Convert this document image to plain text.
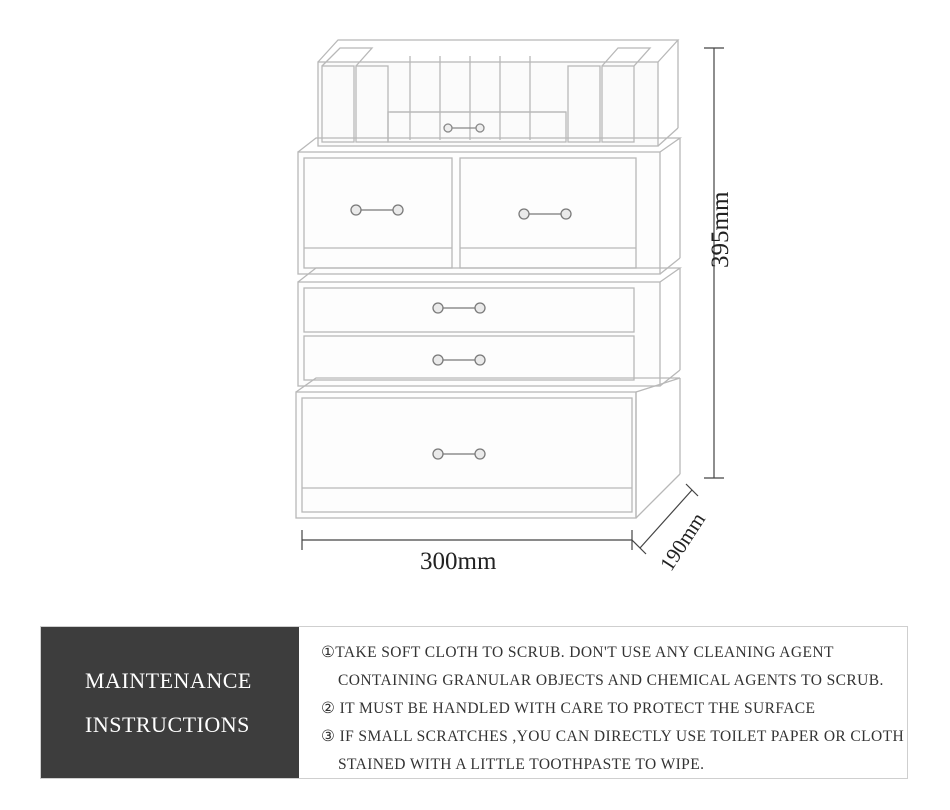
300mm
395mm
190mm
MAINTENANCE
INSTRUCTIONS
①TAKE SOFT CLOTH TO SCRUB. DON'T USE ANY CLEANING AGENT
CONTAINING GRANULAR OBJECTS AND CHEMICAL AGENTS TO SCRUB.
② IT MUST BE HANDLED WITH CARE TO PROTECT THE SURFACE
③ IF SMALL SCRATCHES ,YOU CAN DIRECTLY USE TOILET PAPER OR CLOTH
STAINED WITH A LITTLE TOOTHPASTE TO WIPE.
